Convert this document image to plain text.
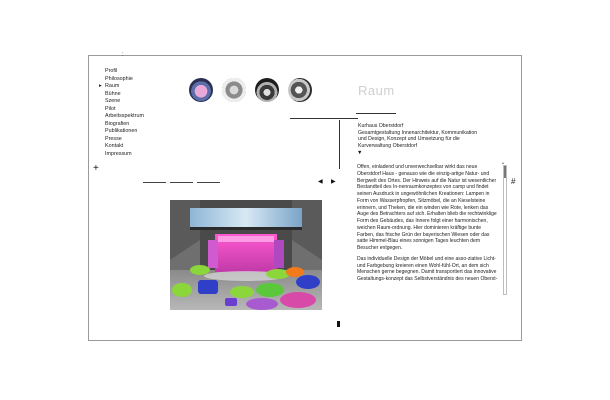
:
Profil
Philosophie
▸ Raum
Bühne
Szene
Pilot
Arbeitsspektrum
Biografien
Publikationen
Presse
Kontakt
Impressum
+
Raum
Kurhaus Oberstdorf
Gesamtgestaltung Innenarchitektur, Kommunikation
und Design, Konzept und Umsetzung für die
Kurverwaltung Oberstdorf
▼

Offen, einladend und unverwechselbar wirkt das neue Oberstdorf Haus - genauso wie die einzig-artige Natur- und Bergwelt des Ortes. Der Hinweis auf die Natur ist wesentlicher Bestandteil des In-nenraumkonzeptes von camp und findet seinen Ausdruck in ungewöhnlichen Kreationen: Lampen in Form von Wasserpfropfen, Sitzmöbel, die an Kieselsteine erinnern, und Theken, die ein winden wie Rote, lenken das Auge des Betrachters auf sich. Erhalten blieb die rechtwinklige Form des Gebäudes, das Innere folgt einer harmonischen, weichen Raum-ordnung. Hier dominieren kräftige bunte Farben, das frische Grün der bayerischen Wiesen oder das satte Himmel-Blau eines sonnigen Tages leuchten dem Besucher entgegen.

Das individuelle Design der Möbel und eine asso-ziative Licht- und Farbgebung kreieren einen Wohl-fühl-Ort, an dem sich Menschen gerne begegnen. Damit transportiert das innovative Gestaltungs-konzept das Selbstverständnis des neuen Oberst-

▴
#
◀ ▶
